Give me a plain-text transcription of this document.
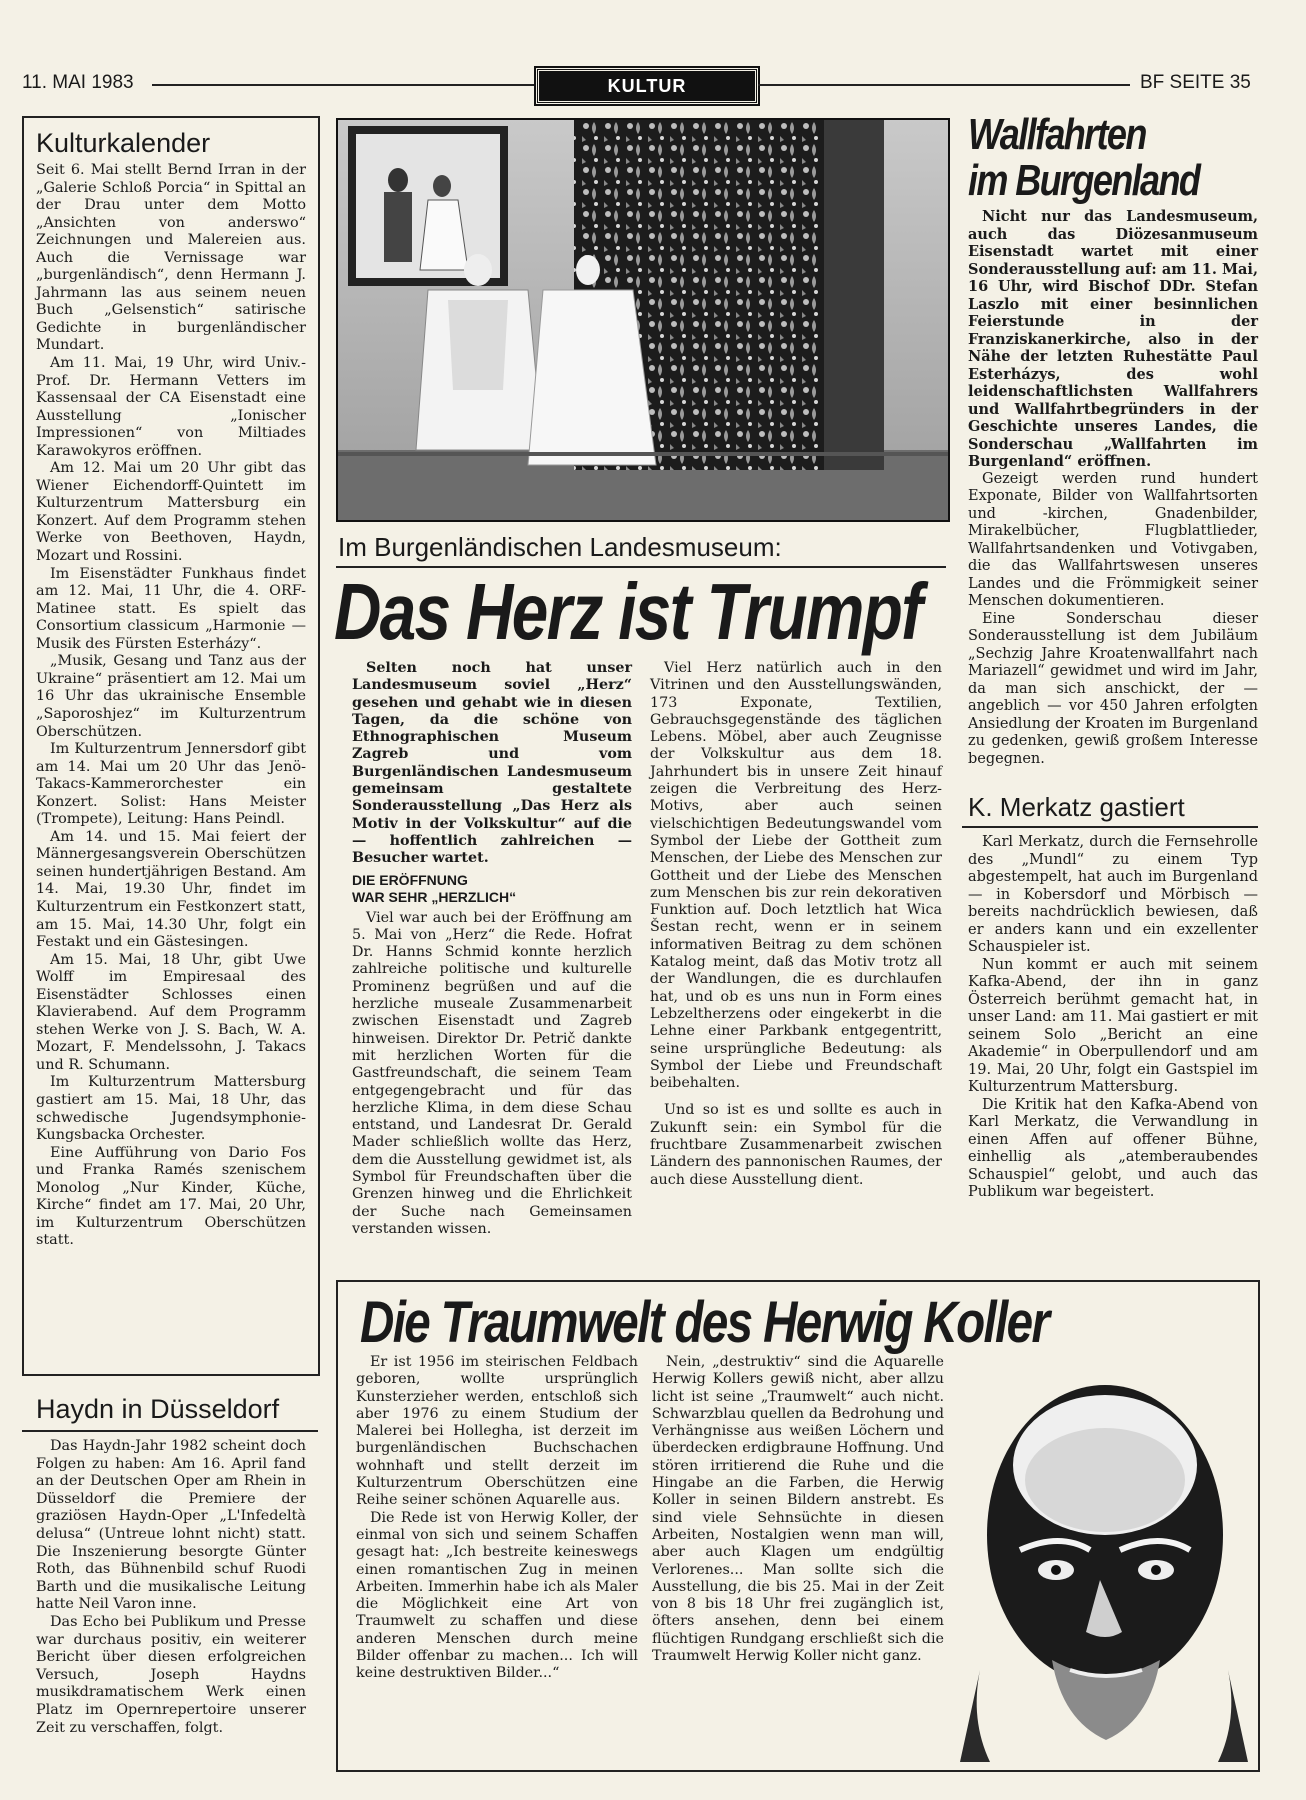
11. MAI 1983	KULTUR	BF SEITE 35
Kulturkalender

Seit 6. Mai stellt Bernd Irran in der „Galerie Schloß Porcia“ in Spittal an der Drau unter dem Motto „Ansichten von anderswo“ Zeichnungen und Malereien aus. Auch die Vernissage war „burgenländisch“, denn Hermann J. Jahrmann las aus seinem neuen Buch „Gelsenstich“ satirische Gedichte in burgenländischer Mundart.

Am 11. Mai, 19 Uhr, wird Univ.-Prof. Dr. Hermann Vetters im Kassensaal der CA Eisenstadt eine Ausstellung „Ionischer Impressionen“ von Miltiades Karawokyros eröffnen.

Am 12. Mai um 20 Uhr gibt das Wiener Eichendorff-Quintett im Kulturzentrum Mattersburg ein Konzert. Auf dem Programm stehen Werke von Beethoven, Haydn, Mozart und Rossini.

Im Eisenstädter Funkhaus findet am 12. Mai, 11 Uhr, die 4. ORF-Matinee statt. Es spielt das Consortium classicum „Harmonie — Musik des Fürsten Esterházy“.

„Musik, Gesang und Tanz aus der Ukraine“ präsentiert am 12. Mai um 16 Uhr das ukrainische Ensemble „Saporoshjez“ im Kulturzentrum Oberschützen.

Im Kulturzentrum Jennersdorf gibt am 14. Mai um 20 Uhr das Jenö-Takacs-Kammerorchester ein Konzert. Solist: Hans Meister (Trompete), Leitung: Hans Peindl.

Am 14. und 15. Mai feiert der Männergesangsverein Oberschützen seinen hundertjährigen Bestand. Am 14. Mai, 19.30 Uhr, findet im Kulturzentrum ein Festkonzert statt, am 15. Mai, 14.30 Uhr, folgt ein Festakt und ein Gästesingen.

Am 15. Mai, 18 Uhr, gibt Uwe Wolff im Empiresaal des Eisenstädter Schlosses einen Klavierabend. Auf dem Programm stehen Werke von J. S. Bach, W. A. Mozart, F. Mendelssohn, J. Takacs und R. Schumann.

Im Kulturzentrum Mattersburg gastiert am 15. Mai, 18 Uhr, das schwedische Jugendsymphonie-Kungsbacka Orchester.

Eine Aufführung von Dario Fos und Franka Ramés szenischem Monolog „Nur Kinder, Küche, Kirche“ findet am 17. Mai, 20 Uhr, im Kulturzentrum Oberschützen statt.

Haydn in Düsseldorf

Das Haydn-Jahr 1982 scheint doch Folgen zu haben: Am 16. April fand an der Deutschen Oper am Rhein in Düsseldorf die Premiere der graziösen Haydn-Oper „L'Infedeltà delusa“ (Untreue lohnt nicht) statt. Die Inszenierung besorgte Günter Roth, das Bühnenbild schuf Ruodi Barth und die musikalische Leitung hatte Neil Varon inne.

Das Echo bei Publikum und Presse war durchaus positiv, ein weiterer Bericht über diesen erfolgreichen Versuch, Joseph Haydns musikdramatischem Werk einen Platz im Opernrepertoire unserer Zeit zu verschaffen, folgt.

Im Burgenländischen Landesmuseum:
Das Herz ist Trumpf

Selten noch hat unser Landesmuseum soviel „Herz“ gesehen und gehabt wie in diesen Tagen, da die schöne von Ethnographischen Museum Zagreb und vom Burgenländischen Landesmuseum gemeinsam gestaltete Sonderausstellung „Das Herz als Motiv in der Volkskultur“ auf die — hoffentlich zahlreichen — Besucher wartet.

DIE ERÖFFNUNG
WAR SEHR „HERZLICH“

Viel war auch bei der Eröffnung am 5. Mai von „Herz“ die Rede. Hofrat Dr. Hanns Schmid konnte herzlich zahlreiche politische und kulturelle Prominenz begrüßen und auf die herzliche museale Zusammenarbeit zwischen Eisenstadt und Zagreb hinweisen. Direktor Dr. Petrič dankte mit herzlichen Worten für die Gastfreundschaft, die seinem Team entgegengebracht und für das herzliche Klima, in dem diese Schau entstand, und Landesrat Dr. Gerald Mader schließlich wollte das Herz, dem die Ausstellung gewidmet ist, als Symbol für Freundschaften über die Grenzen hinweg und die Ehrlichkeit der Suche nach Gemeinsamen verstanden wissen.

Viel Herz natürlich auch in den Vitrinen und den Ausstellungswänden, 173 Exponate, Textilien, Gebrauchsgegenstände des täglichen Lebens. Möbel, aber auch Zeugnisse der Volkskultur aus dem 18. Jahrhundert bis in unsere Zeit hinauf zeigen die Verbreitung des Herz-Motivs, aber auch seinen vielschichtigen Bedeutungswandel vom Symbol der Liebe der Gottheit zum Menschen, der Liebe des Menschen zur Gottheit und der Liebe des Menschen zum Menschen bis zur rein dekorativen Funktion auf. Doch letztlich hat Wica Šestan recht, wenn er in seinem informativen Beitrag zu dem schönen Katalog meint, daß das Motiv trotz all der Wandlungen, die es durchlaufen hat, und ob es uns nun in Form eines Lebzeltherzens oder eingekerbt in die Lehne einer Parkbank entgegentritt, seine ursprüngliche Bedeutung: als Symbol der Liebe und Freundschaft beibehalten.

Und so ist es und sollte es auch in Zukunft sein: ein Symbol für die fruchtbare Zusammenarbeit zwischen Ländern des pannonischen Raumes, der auch diese Ausstellung dient.

Wallfahrten
im Burgenland

Nicht nur das Landesmuseum, auch das Diözesanmuseum Eisenstadt wartet mit einer Sonderausstellung auf: am 11. Mai, 16 Uhr, wird Bischof DDr. Stefan Laszlo mit einer besinnlichen Feierstunde in der Franziskanerkirche, also in der Nähe der letzten Ruhestätte Paul Esterházys, des wohl leidenschaftlichsten Wallfahrers und Wallfahrtbegründers in der Geschichte unseres Landes, die Sonderschau „Wallfahrten im Burgenland“ eröffnen.

Gezeigt werden rund hundert Exponate, Bilder von Wallfahrtsorten und -kirchen, Gnadenbilder, Mirakelbücher, Flugblattlieder, Wallfahrtsandenken und Votivgaben, die das Wallfahrtswesen unseres Landes und die Frömmigkeit seiner Menschen dokumentieren.

Eine Sonderschau dieser Sonderausstellung ist dem Jubiläum „Sechzig Jahre Kroatenwallfahrt nach Mariazell“ gewidmet und wird im Jahr, da man sich anschickt, der — angeblich — vor 450 Jahren erfolgten Ansiedlung der Kroaten im Burgenland zu gedenken, gewiß großem Interesse begegnen.

K. Merkatz gastiert

Karl Merkatz, durch die Fernsehrolle des „Mundl“ zu einem Typ abgestempelt, hat auch im Burgenland — in Kobersdorf und Mörbisch — bereits nachdrücklich bewiesen, daß er anders kann und ein exzellenter Schauspieler ist.

Nun kommt er auch mit seinem Kafka-Abend, der ihn in ganz Österreich berühmt gemacht hat, in unser Land: am 11. Mai gastiert er mit seinem Solo „Bericht an eine Akademie“ in Oberpullendorf und am 19. Mai, 20 Uhr, folgt ein Gastspiel im Kulturzentrum Mattersburg.

Die Kritik hat den Kafka-Abend von Karl Merkatz, die Verwandlung in einen Affen auf offener Bühne, einhellig als „atemberaubendes Schauspiel“ gelobt, und auch das Publikum war begeistert.

Die Traumwelt des Herwig Koller

Er ist 1956 im steirischen Feldbach geboren, wollte ursprünglich Kunsterzieher werden, entschloß sich aber 1976 zu einem Studium der Malerei bei Hollegha, ist derzeit im burgenländischen Buchschachen wohnhaft und stellt derzeit im Kulturzentrum Oberschützen eine Reihe seiner schönen Aquarelle aus.

Die Rede ist von Herwig Koller, der einmal von sich und seinem Schaffen gesagt hat: „Ich bestreite keineswegs einen romantischen Zug in meinen Arbeiten. Immerhin habe ich als Maler die Möglichkeit eine Art von Traumwelt zu schaffen und diese anderen Menschen durch meine Bilder offenbar zu machen... Ich will keine destruktiven Bilder...“

Nein, „destruktiv“ sind die Aquarelle Herwig Kollers gewiß nicht, aber allzu licht ist seine „Traumwelt“ auch nicht. Schwarzblau quellen da Bedrohung und Verhängnisse aus weißen Löchern und überdecken erdigbraune Hoffnung. Und stören irritierend die Ruhe und die Hingabe an die Farben, die Herwig Koller in seinen Bildern anstrebt. Es sind viele Sehnsüchte in diesen Arbeiten, Nostalgien wenn man will, aber auch Klagen um endgültig Verlorenes... Man sollte sich die Ausstellung, die bis 25. Mai in der Zeit von 8 bis 18 Uhr frei zugänglich ist, öfters ansehen, denn bei einem flüchtigen Rundgang erschließt sich die Traumwelt Herwig Koller nicht ganz.
